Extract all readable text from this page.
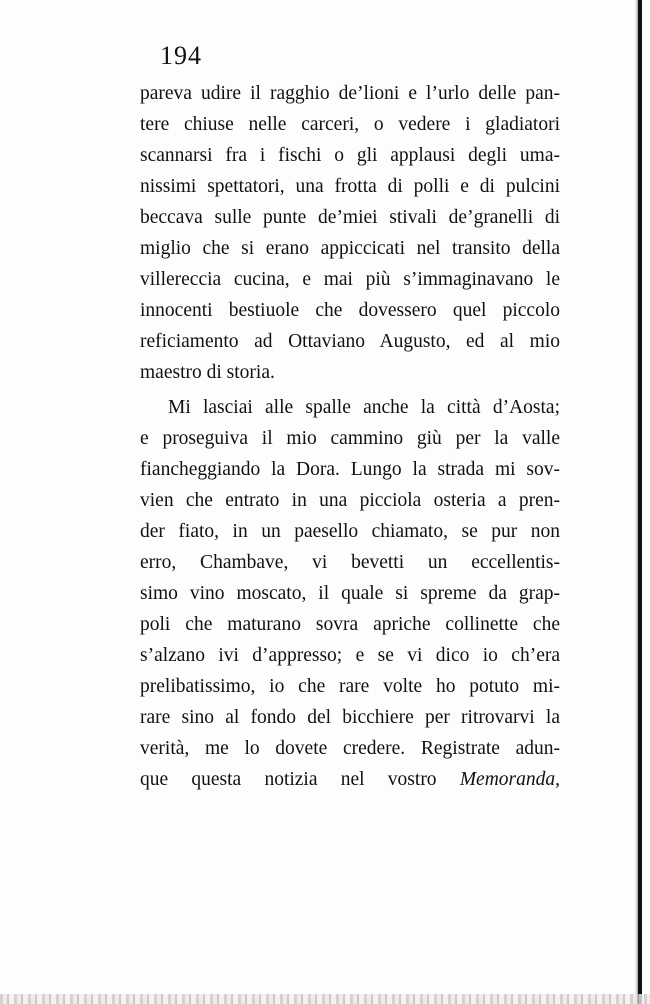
194
pareva udire il ragghio de’lioni e l’urlo delle pan-
tere chiuse nelle carceri, o vedere i gladiatori
scannarsi fra i fischi o gli applausi degli uma-
nissimi spettatori, una frotta di polli e di pulcini
beccava sulle punte de’miei stivali de’granelli di
miglio che si erano appiccicati nel transito della
villereccia cucina, e mai più s’immaginavano le
innocenti bestiuole che dovessero quel piccolo
reficiamento ad Ottaviano Augusto, ed al mio
maestro di storia.
Mi lasciai alle spalle anche la città d’Aosta;
e proseguiva il mio cammino giù per la valle
fiancheggiando la Dora. Lungo la strada mi sov-
vien che entrato in una picciola osteria a pren-
der fiato, in un paesello chiamato, se pur non
erro, Chambave, vi bevetti un eccellentis-
simo vino moscato, il quale si spreme da grap-
poli che maturano sovra apriche collinette che
s’alzano ivi d’appresso; e se vi dico io ch’era
prelibatissimo, io che rare volte ho potuto mi-
rare sino al fondo del bicchiere per ritrovarvi la
verità, me lo dovete credere. Registrate adun-
que questa notizia nel vostro Memoranda,
